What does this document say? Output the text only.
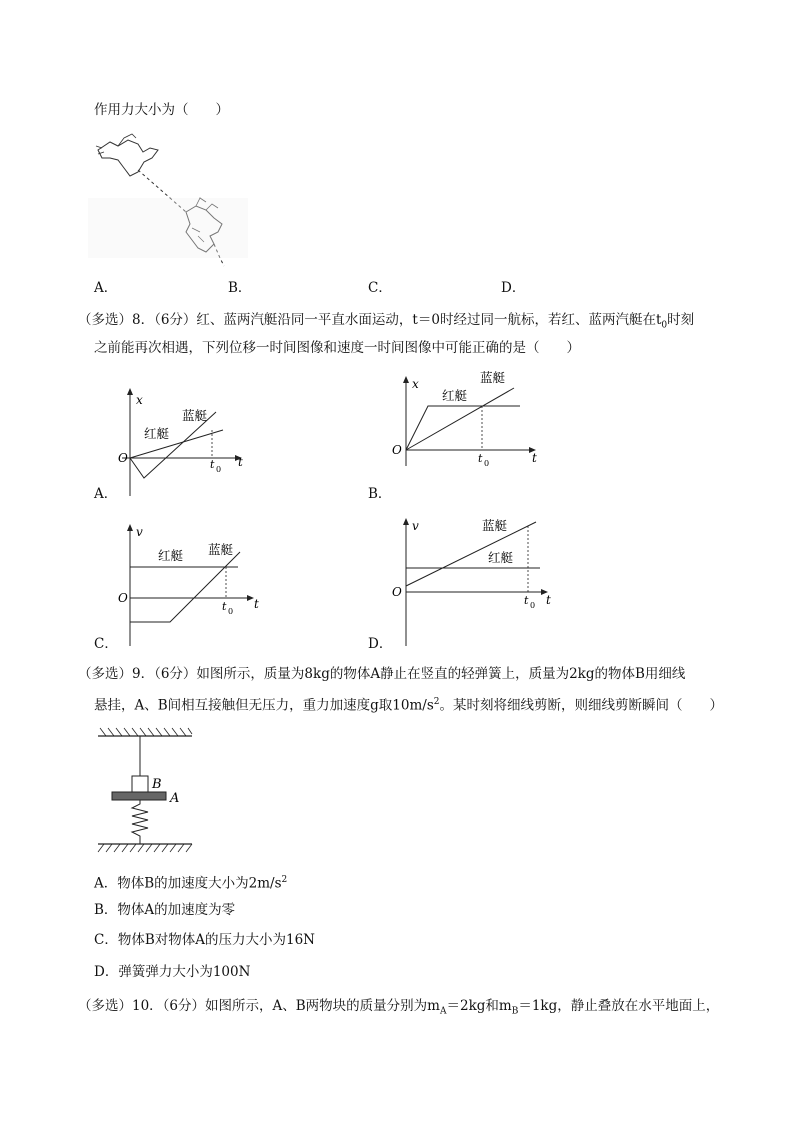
作用力大小为（　　）
A．	B．	C．	D．
（多选）8．（6分）红、蓝两汽艇沿同一平直水面运动，t＝0时经过同一航标，若红、蓝两汽艇在$t_0$时刻
之前能再次相遇，下列位移一时间图像和速度一时间图像中可能正确的是（　　）
x
O	t
t 0
红艇
蓝艇
A．
x
O
t
t 0
红艇
蓝艇
B．
v
O	t
t 0
红艇 蓝艇
C．
v
O
t
t 0
红艇
蓝艇
D．
（多选）9．（6分）如图所示，质量为8kg的物体A静止在竖直的轻弹簧上，质量为2kg的物体B用细线
悬挂，A、B间相互接触但无压力，重力加速度g取$10m/s^2$。某时刻将细线剪断，则细线剪断瞬间（　　）
B
A
A．物体B的加速度大小为$2m/s^2$
B．物体A的加速度为零
C．物体B对物体A的压力大小为16N
D．弹簧弹力大小为100N
（多选）10．（6分）如图所示，A、B两物块的质量分别为$m_A=2kg$和$m_B=1kg$，静止叠放在水平地面上，
